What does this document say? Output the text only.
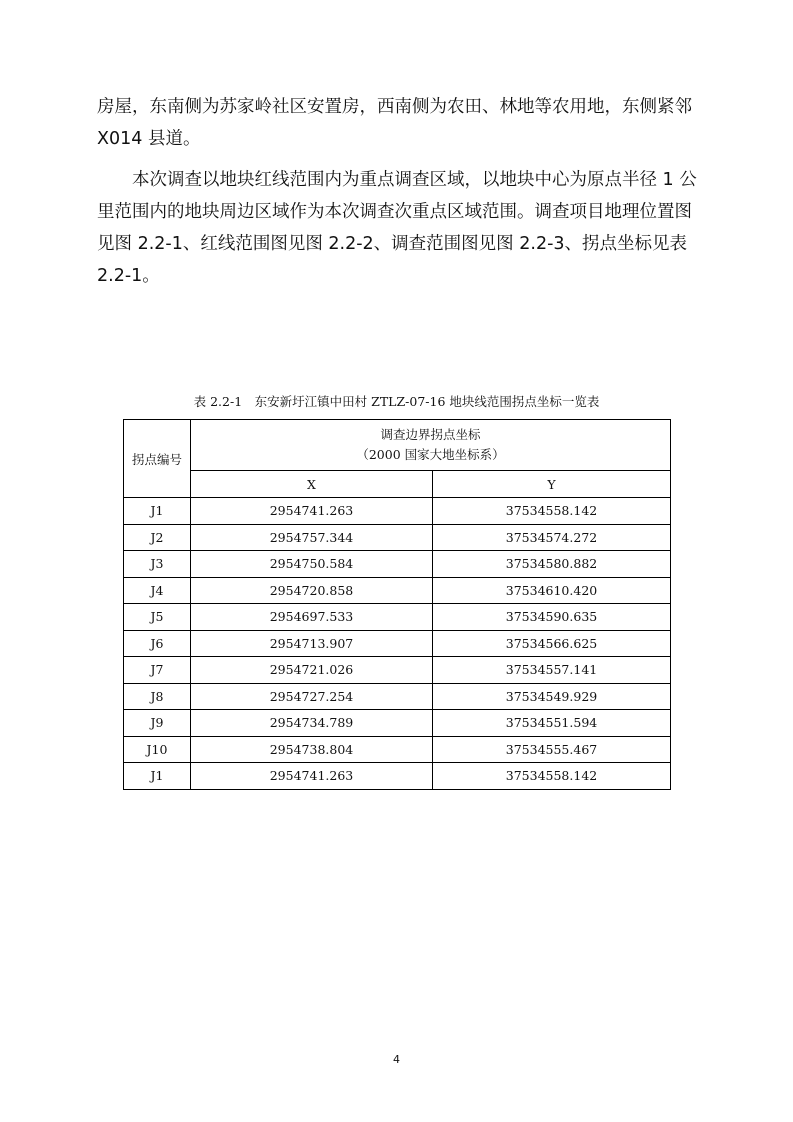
房屋，东南侧为苏家岭社区安置房，西南侧为农田、林地等农用地，东侧紧邻 X014 县道。

本次调查以地块红线范围内为重点调查区域，以地块中心为原点半径 1 公里范围内的地块周边区域作为本次调查次重点区域范围。调查项目地理位置图见图 2.2-1、红线范围图见图 2.2-2、调查范围图见图 2.2-3、拐点坐标见表 2.2-1。

表 2.2-1　东安新圩江镇中田村 ZTLZ-07-16 地块线范围拐点坐标一览表
拐点编号	调查边界拐点坐标
（2000 国家大地坐标系）	

	X	Y
J1	2954741.263	37534558.142
J2	2954757.344	37534574.272
J3	2954750.584	37534580.882
J4	2954720.858	37534610.420
J5	2954697.533	37534590.635
J6	2954713.907	37534566.625
J7	2954721.026	37534557.141
J8	2954727.254	37534549.929
J9	2954734.789	37534551.594
J10	2954738.804	37534555.467
J1	2954741.263	37534558.142
4
